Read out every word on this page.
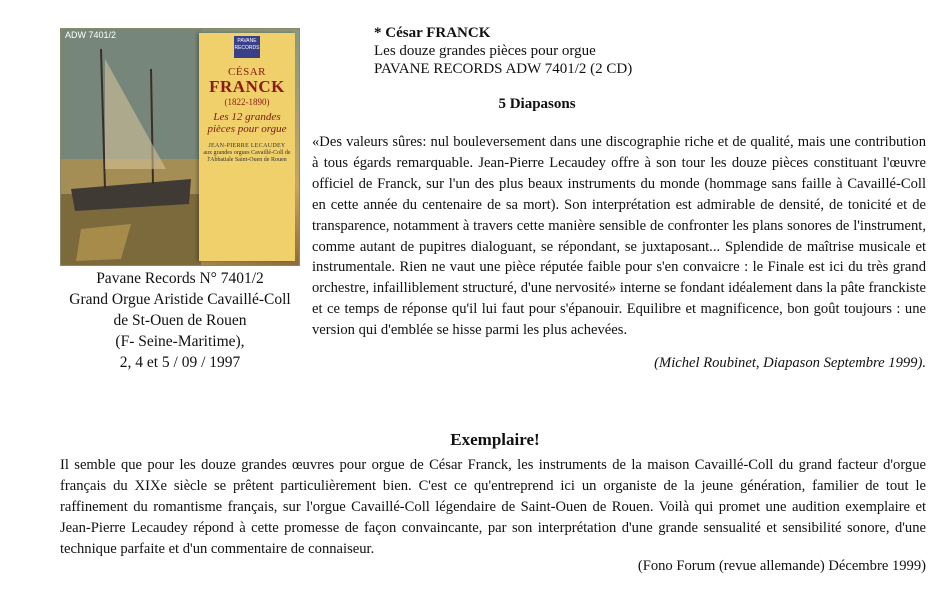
ADW 7401/2
PAVANE RECORDS
CÉSAR
FRANCK
(1822-1890)
Les 12 grandes
pièces pour orgue
JEAN-PIERRE LECAUDEY
aux grandes orgues Cavaillé-Coll de
l'Abbatiale Saint-Ouen de Rouen
Pavane Records N° 7401/2
Grand Orgue Aristide Cavaillé-Coll
de St-Ouen de Rouen
(F- Seine-Maritime),
2, 4 et 5 / 09 / 1997
* César FRANCK
Les douze grandes pièces pour orgue
PAVANE RECORDS ADW 7401/2 (2 CD)
5 Diapasons

«Des valeurs sûres: nul bouleversement dans une discographie riche et de qualité, mais une contribution à tous égards remarquable. Jean-Pierre Lecaudey offre à son tour les douze pièces constituant l'œuvre officiel de Franck, sur l'un des plus beaux instruments du monde (hommage sans faille à Cavaillé-Coll en cette année du centenaire de sa mort). Son interprétation est admirable de densité, de tonicité et de transparence, notamment à travers cette manière sensible de confronter les plans sonores de l'instrument, comme autant de pupitres dialoguant, se répondant, se juxtaposant... Splendide de maîtrise musicale et instrumentale. Rien ne vaut une pièce réputée faible pour s'en convaicre : le Finale est ici du très grand orchestre, infailliblement structuré, d'une nervosité» interne se fondant idéalement dans la pâte franckiste et ce temps de réponse qu'il lui faut pour s'épanouir. Equilibre et magnificence, bon goût toujours : une version qui d'emblée se hisse parmi les plus achevées.

(Michel Roubinet, Diapason Septembre 1999).
Exemplaire!

Il semble que pour les douze grandes œuvres pour orgue de César Franck, les instruments de la maison Cavaillé-Coll du grand facteur d'orgue français du XIXe siècle se prêtent particulièrement bien. C'est ce qu'entreprend ici un organiste de la jeune génération, familier de tout le raffinement du romantisme français, sur l'orgue Cavaillé-Coll légendaire de Saint-Ouen de Rouen. Voilà qui promet une audition exemplaire et Jean-Pierre Lecaudey répond à cette promesse de façon convaincante, par son interprétation d'une grande sensualité et sensibilité sonore, d'une technique parfaite et d'un commentaire de connaiseur.

(Fono Forum (revue allemande) Décembre 1999)
